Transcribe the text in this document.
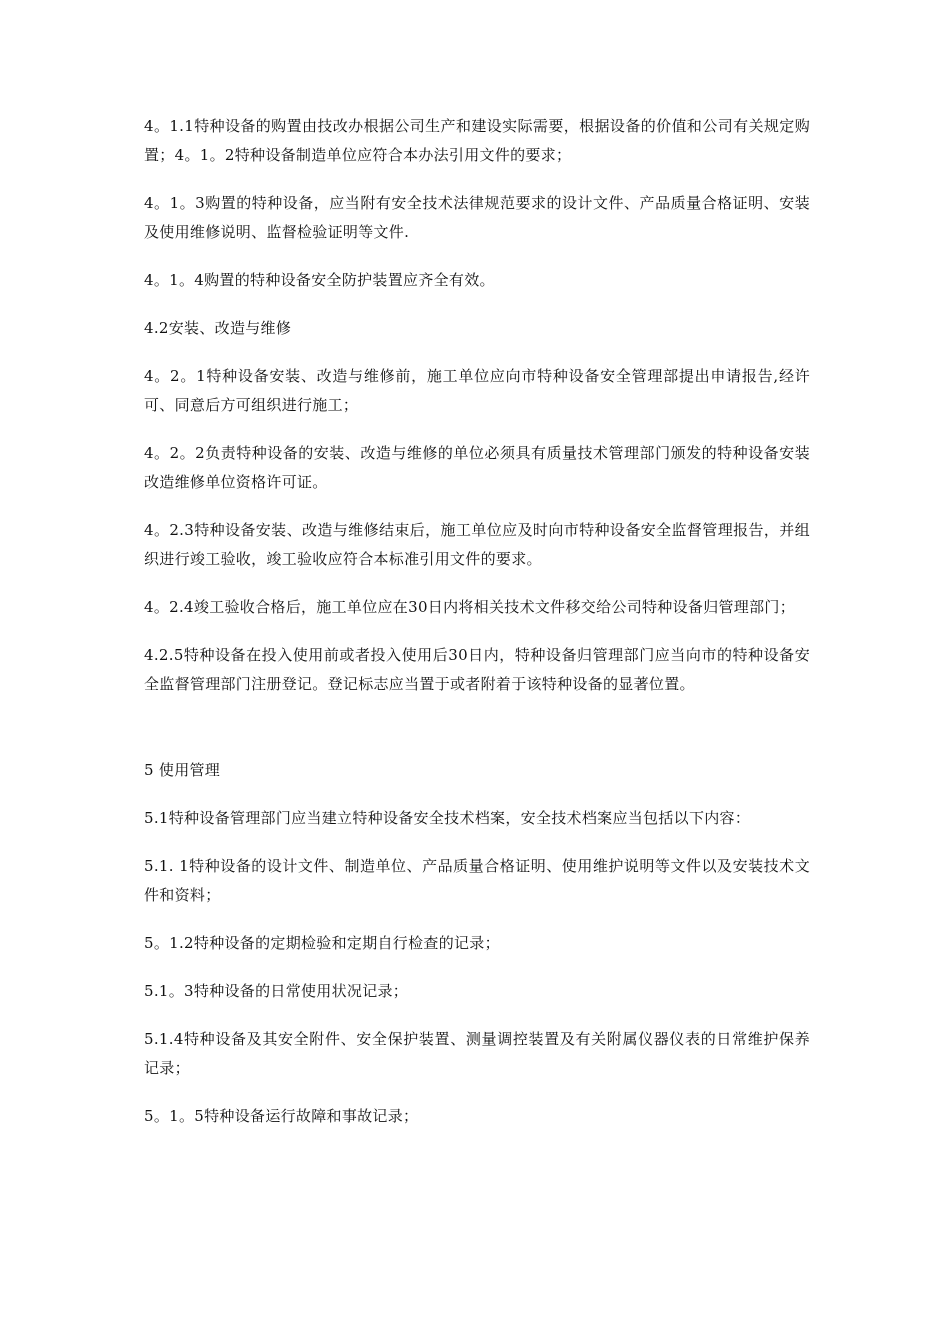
4。1.1特种设备的购置由技改办根据公司生产和建设实际需要，根据设备的价值和公司有关规定购置；4。1。2特种设备制造单位应符合本办法引用文件的要求；

4。1。3购置的特种设备，应当附有安全技术法律规范要求的设计文件、产品质量合格证明、安装及使用维修说明、监督检验证明等文件.

4。1。4购置的特种设备安全防护装置应齐全有效。

4.2安装、改造与维修

4。2。1特种设备安装、改造与维修前，施工单位应向市特种设备安全管理部提出申请报告,经许可、同意后方可组织进行施工；

4。2。2负责特种设备的安装、改造与维修的单位必须具有质量技术管理部门颁发的特种设备安装改造维修单位资格许可证。

4。2.3特种设备安装、改造与维修结束后，施工单位应及时向市特种设备安全监督管理报告，并组织进行竣工验收，竣工验收应符合本标准引用文件的要求。

4。2.4竣工验收合格后，施工单位应在30日内将相关技术文件移交给公司特种设备归管理部门；

4.2.5特种设备在投入使用前或者投入使用后30日内，特种设备归管理部门应当向市的特种设备安全监督管理部门注册登记。登记标志应当置于或者附着于该特种设备的显著位置。

5 使用管理

5.1特种设备管理部门应当建立特种设备安全技术档案，安全技术档案应当包括以下内容：

5.1. 1特种设备的设计文件、制造单位、产品质量合格证明、使用维护说明等文件以及安装技术文件和资料；

5。1.2特种设备的定期检验和定期自行检查的记录；

5.1。3特种设备的日常使用状况记录；

5.1.4特种设备及其安全附件、安全保护装置、测量调控装置及有关附属仪器仪表的日常维护保养记录；

5。1。5特种设备运行故障和事故记录；
